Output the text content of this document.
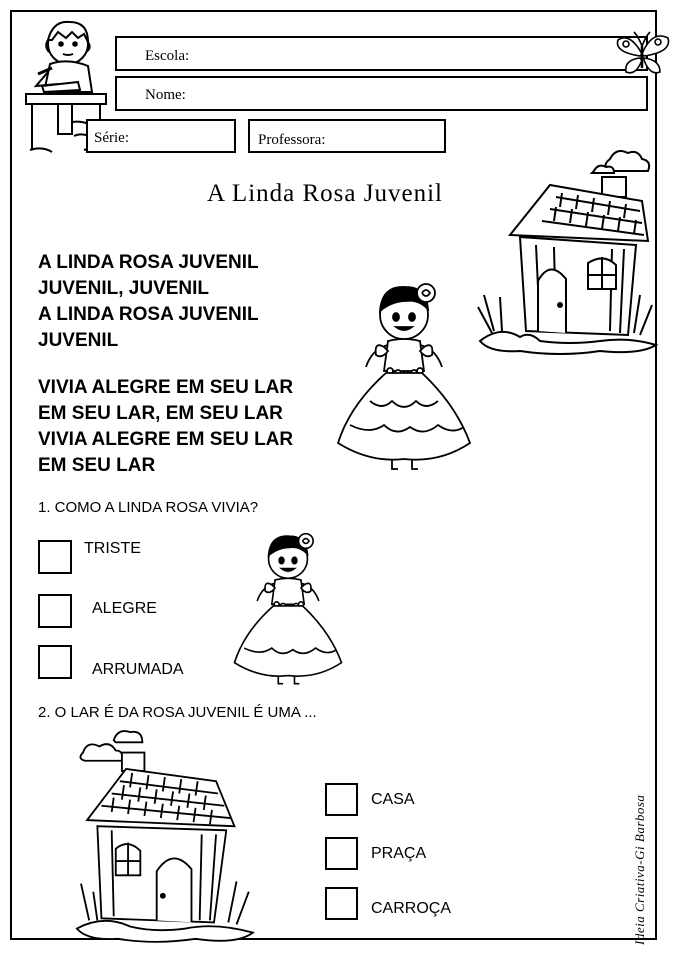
Escola:
Nome:
Série:	Professora:
A Linda Rosa Juvenil
A LINDA ROSA JUVENIL
JUVENIL, JUVENIL
A LINDA ROSA JUVENIL
JUVENIL
VIVIA ALEGRE EM SEU LAR
EM SEU LAR, EM SEU LAR
VIVIA ALEGRE EM SEU LAR
EM SEU LAR
1. COMO A LINDA ROSA VIVIA?
TRISTE
ALEGRE
ARRUMADA
2. O LAR É DA ROSA JUVENIL É UMA ...
CASA
PRAÇA
CARROÇA	Ideia Criativa-Gi Barbosa
